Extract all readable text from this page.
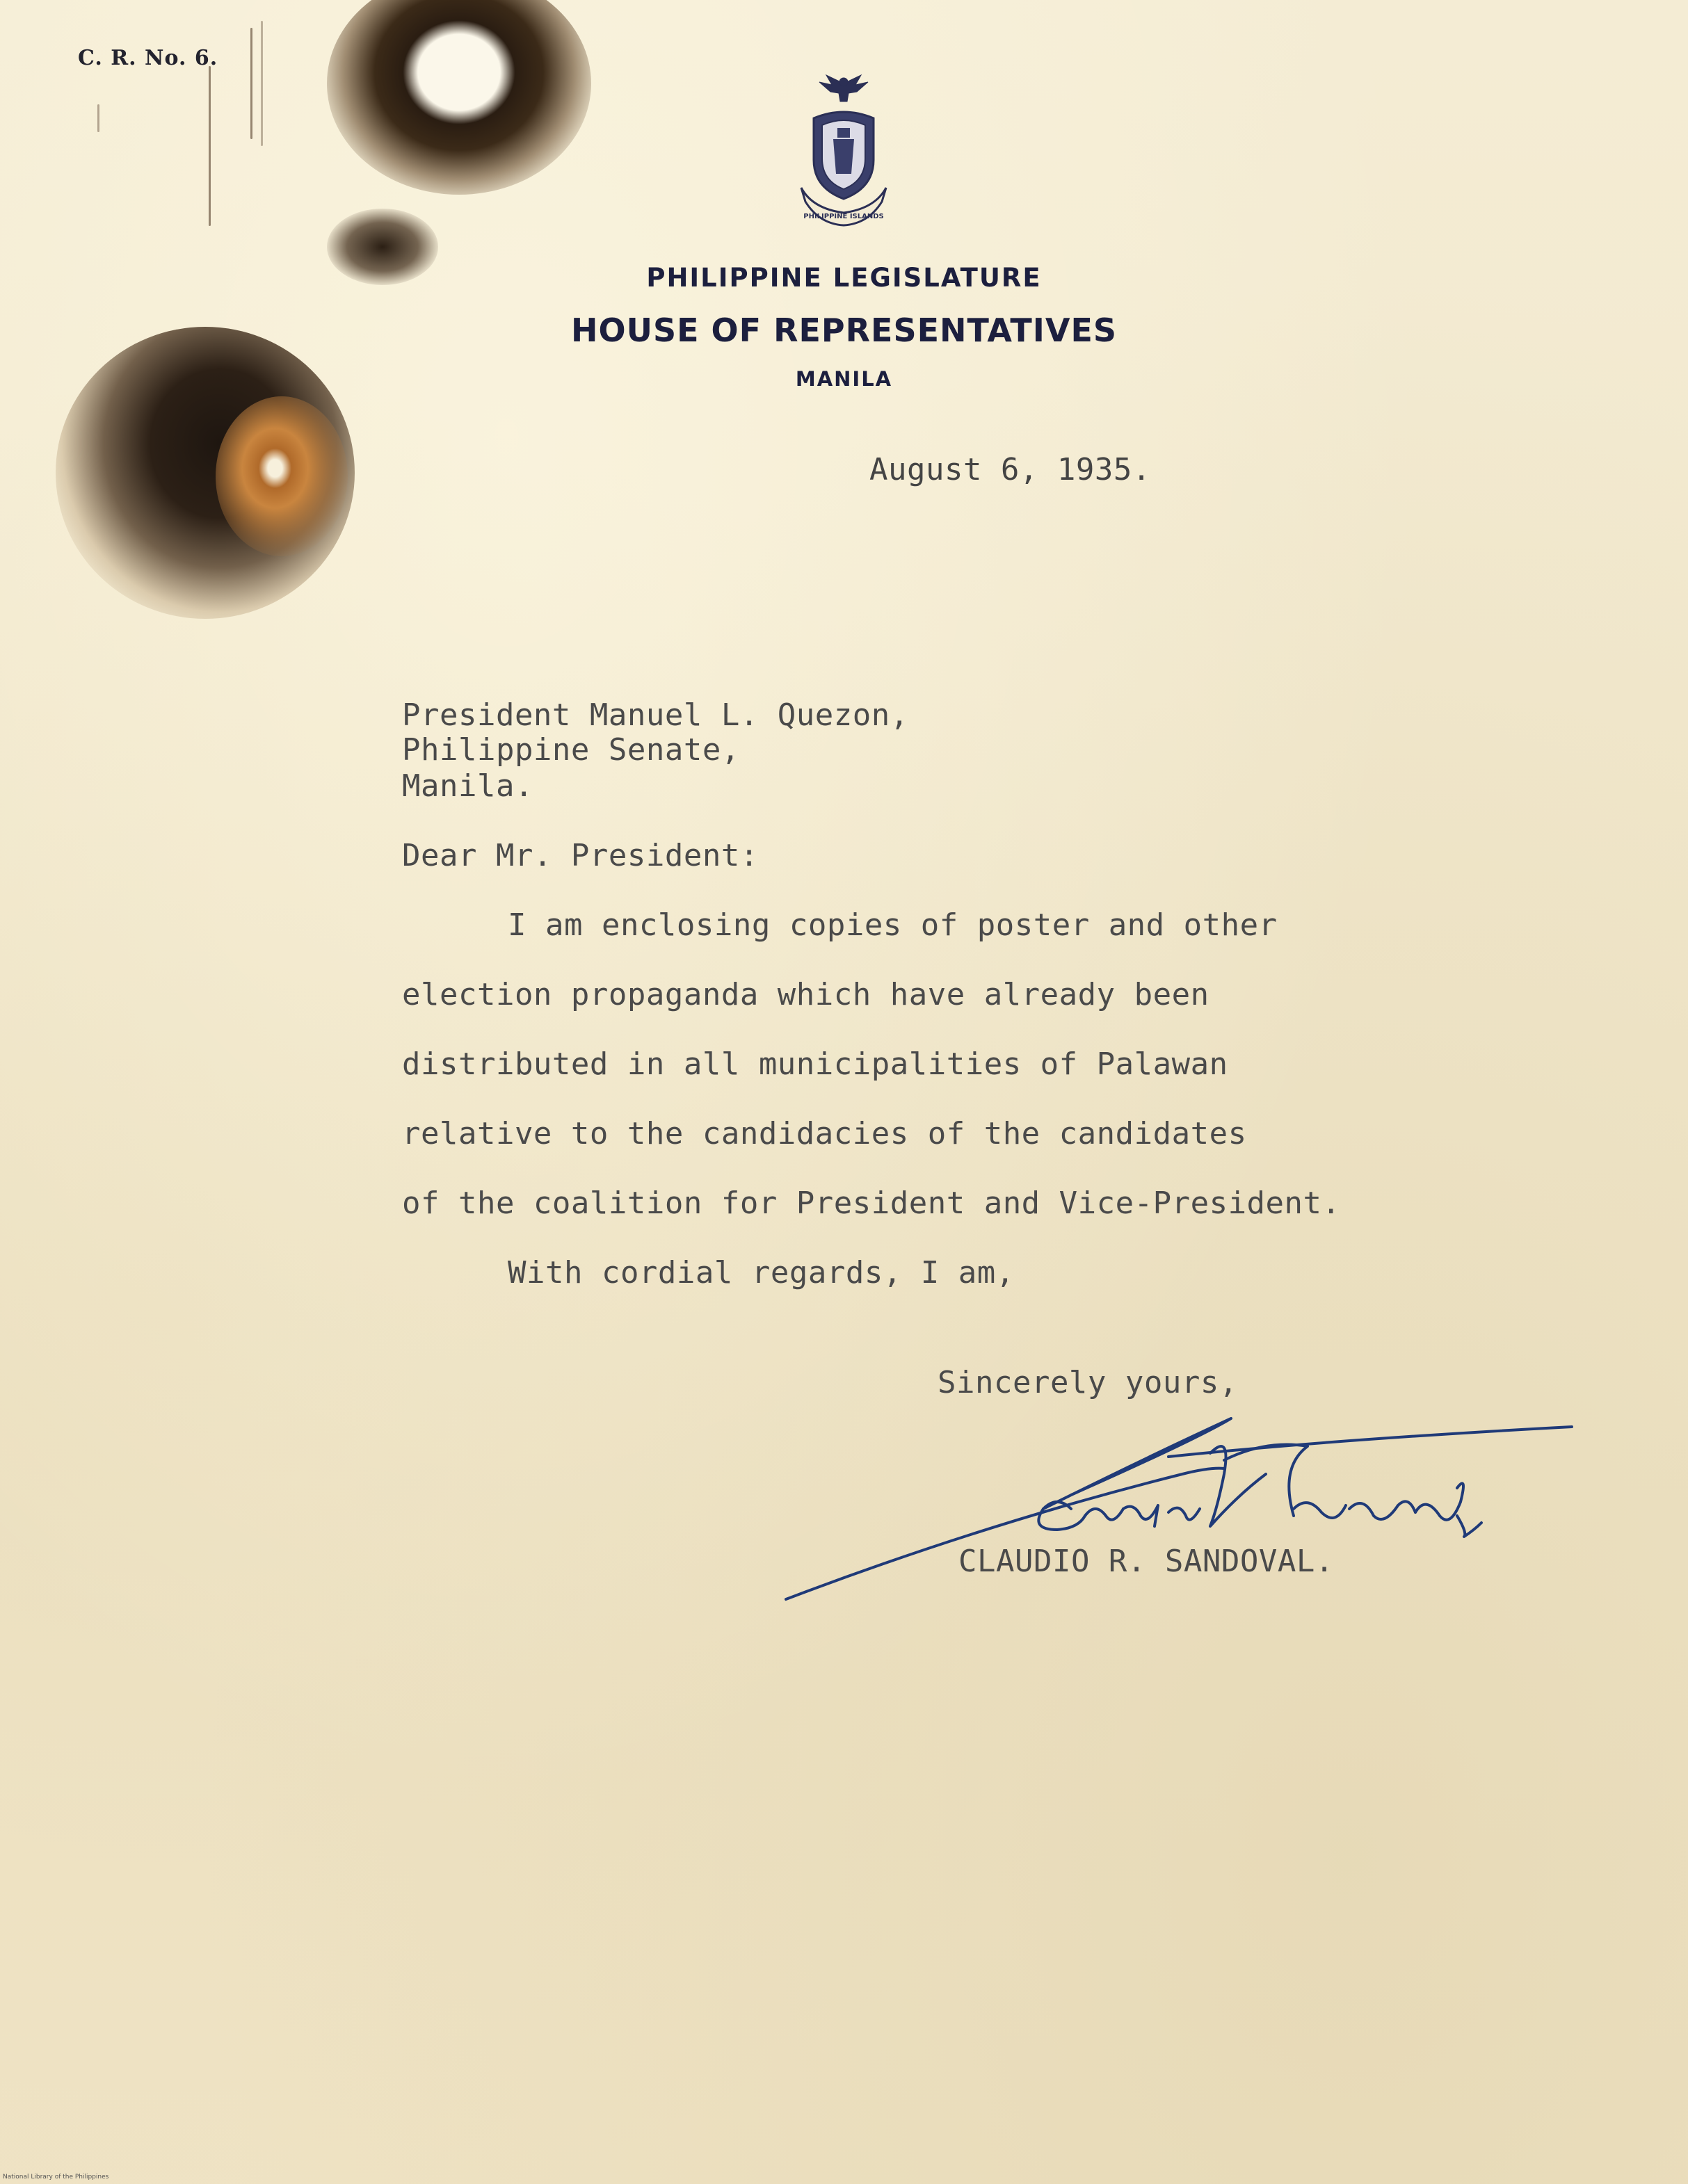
C. R. No. 6.
PHILIPPINE ISLANDS
PHILIPPINE LEGISLATURE
HOUSE OF REPRESENTATIVES
MANILA
August 6, 1935.
President Manuel L. Quezon,
Philippine Senate,
Manila.
Dear Mr. President:
I am enclosing copies of poster and other
election propaganda which have already been
distributed in all municipalities of Palawan
relative to the candidacies of the candidates
of the coalition for President and Vice-President.
With cordial regards, I am,
Sincerely yours,
CLAUDIO R. SANDOVAL.
National Library of the Philippines
